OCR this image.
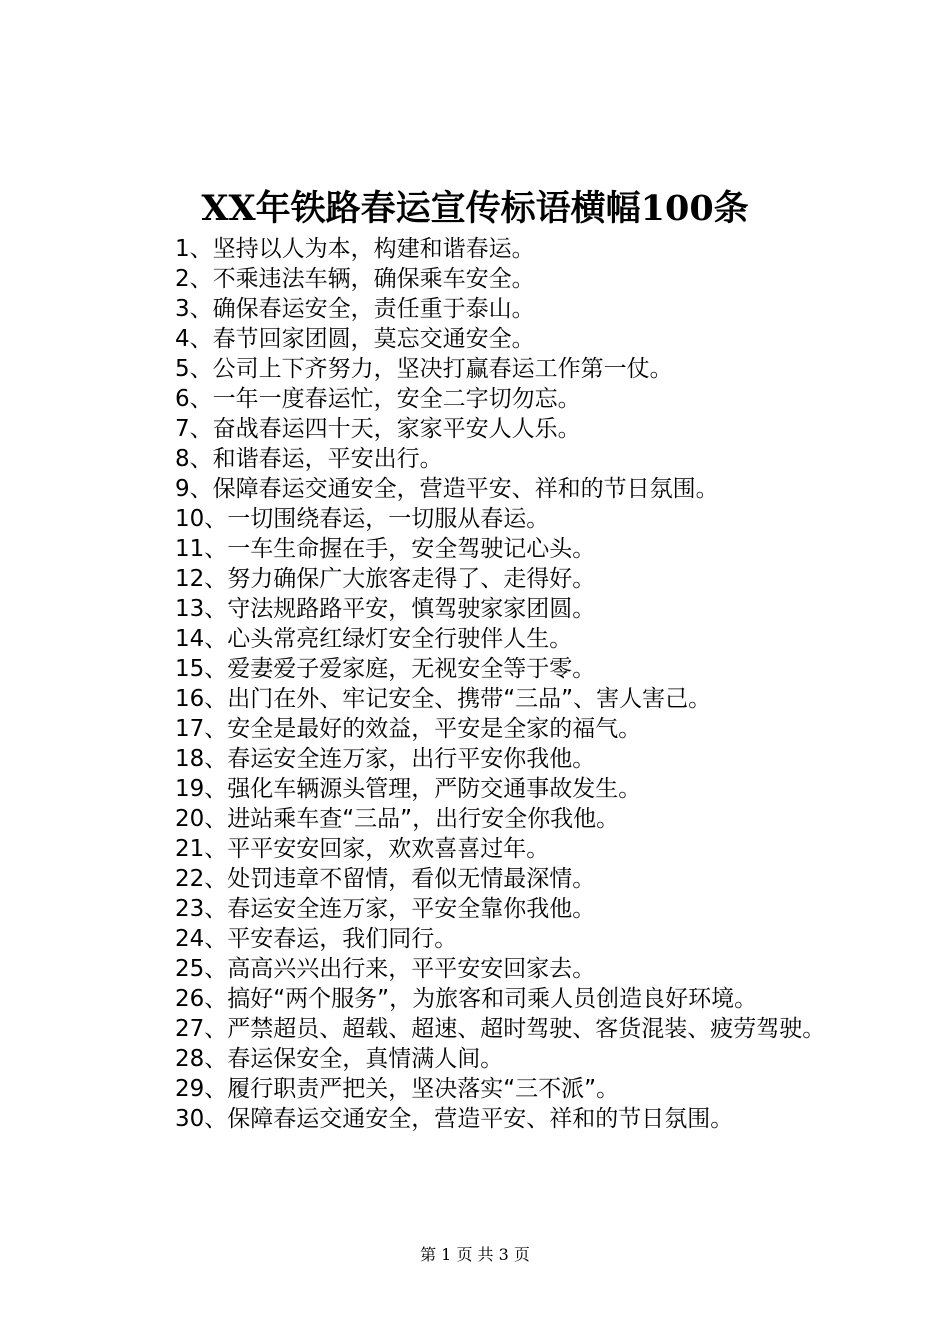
XX年铁路春运宣传标语横幅100条
1、坚持以人为本，构建和谐春运。
2、不乘违法车辆，确保乘车安全。
3、确保春运安全，责任重于泰山。
4、春节回家团圆，莫忘交通安全。
5、公司上下齐努力，坚决打赢春运工作第一仗。
6、一年一度春运忙，安全二字切勿忘。
7、奋战春运四十天，家家平安人人乐。
8、和谐春运，平安出行。
9、保障春运交通安全，营造平安、祥和的节日氛围。
10、一切围绕春运，一切服从春运。
11、一车生命握在手，安全驾驶记心头。
12、努力确保广大旅客走得了、走得好。
13、守法规路路平安，慎驾驶家家团圆。
14、心头常亮红绿灯安全行驶伴人生。
15、爱妻爱子爱家庭，无视安全等于零。
16、出门在外、牢记安全、携带“三品”、害人害己。
17、安全是最好的效益，平安是全家的福气。
18、春运安全连万家，出行平安你我他。
19、强化车辆源头管理，严防交通事故发生。
20、进站乘车查“三品”，出行安全你我他。
21、平平安安回家，欢欢喜喜过年。
22、处罚违章不留情，看似无情最深情。
23、春运安全连万家，平安全靠你我他。
24、平安春运，我们同行。
25、高高兴兴出行来，平平安安回家去。
26、搞好“两个服务”，为旅客和司乘人员创造良好环境。
27、严禁超员、超载、超速、超时驾驶、客货混装、疲劳驾驶。
28、春运保安全，真情满人间。
29、履行职责严把关，坚决落实“三不派”。
30、保障春运交通安全，营造平安、祥和的节日氛围。
第 1 页 共 3 页
